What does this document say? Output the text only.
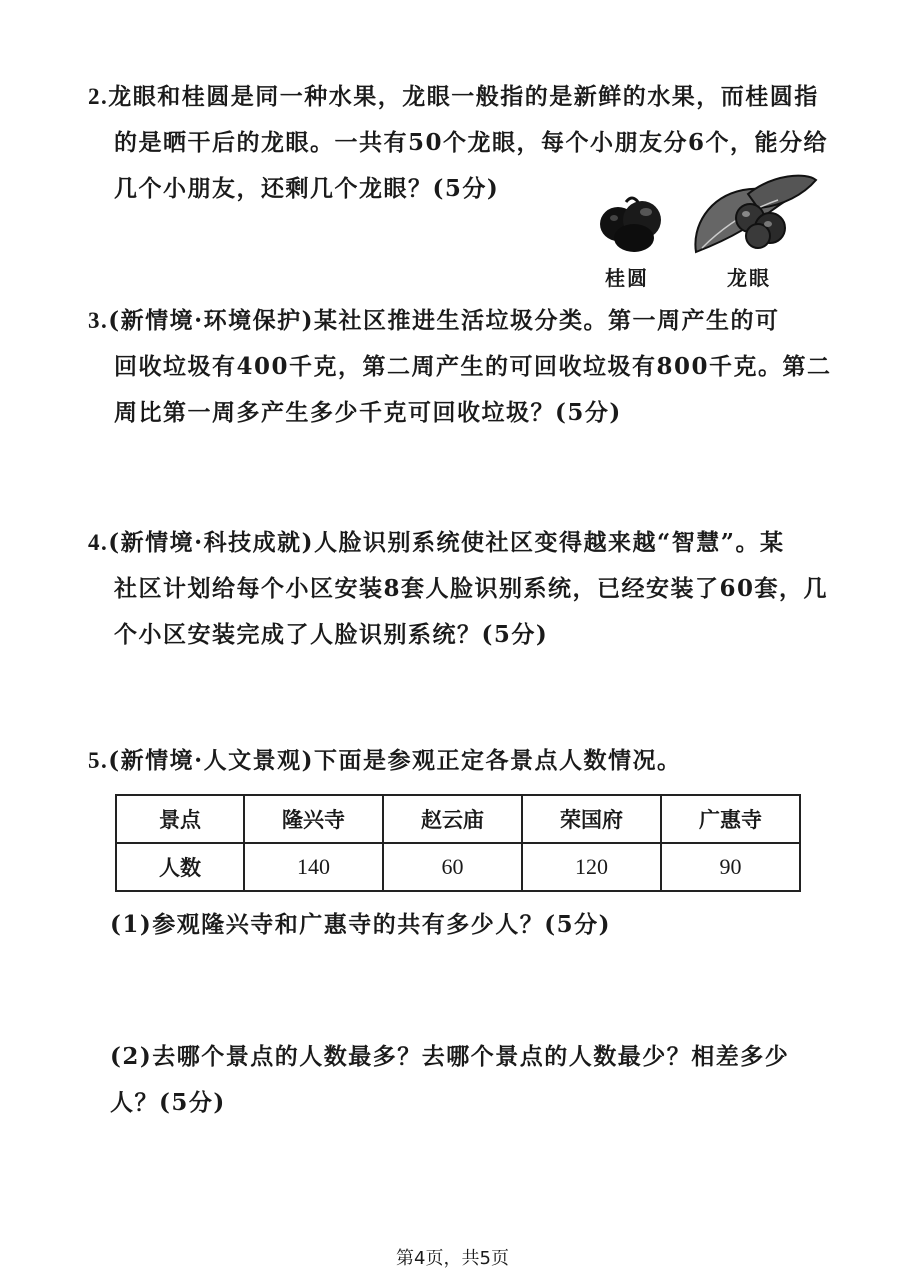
2.龙眼和桂圆是同一种水果，龙眼一般指的是新鲜的水果，而桂圆指
的是晒干后的龙眼。一共有50个龙眼，每个小朋友分6个，能分给
几个小朋友，还剩几个龙眼？(5分)
桂圆	龙眼
3.(新情境·环境保护)某社区推进生活垃圾分类。第一周产生的可
回收垃圾有400千克，第二周产生的可回收垃圾有800千克。第二
周比第一周多产生多少千克可回收垃圾？(5分)
4.(新情境·科技成就)人脸识别系统使社区变得越来越“智慧”。某
社区计划给每个小区安装8套人脸识别系统，已经安装了60套，几
个小区安装完成了人脸识别系统？(5分)
5.(新情境·人文景观)下面是参观正定各景点人数情况。
景点	隆兴寺	赵云庙	荣国府	广惠寺
人数	140	60	120	90
(1)参观隆兴寺和广惠寺的共有多少人？(5分)
(2)去哪个景点的人数最多？去哪个景点的人数最少？相差多少
人？(5分)
第4页，共5页
